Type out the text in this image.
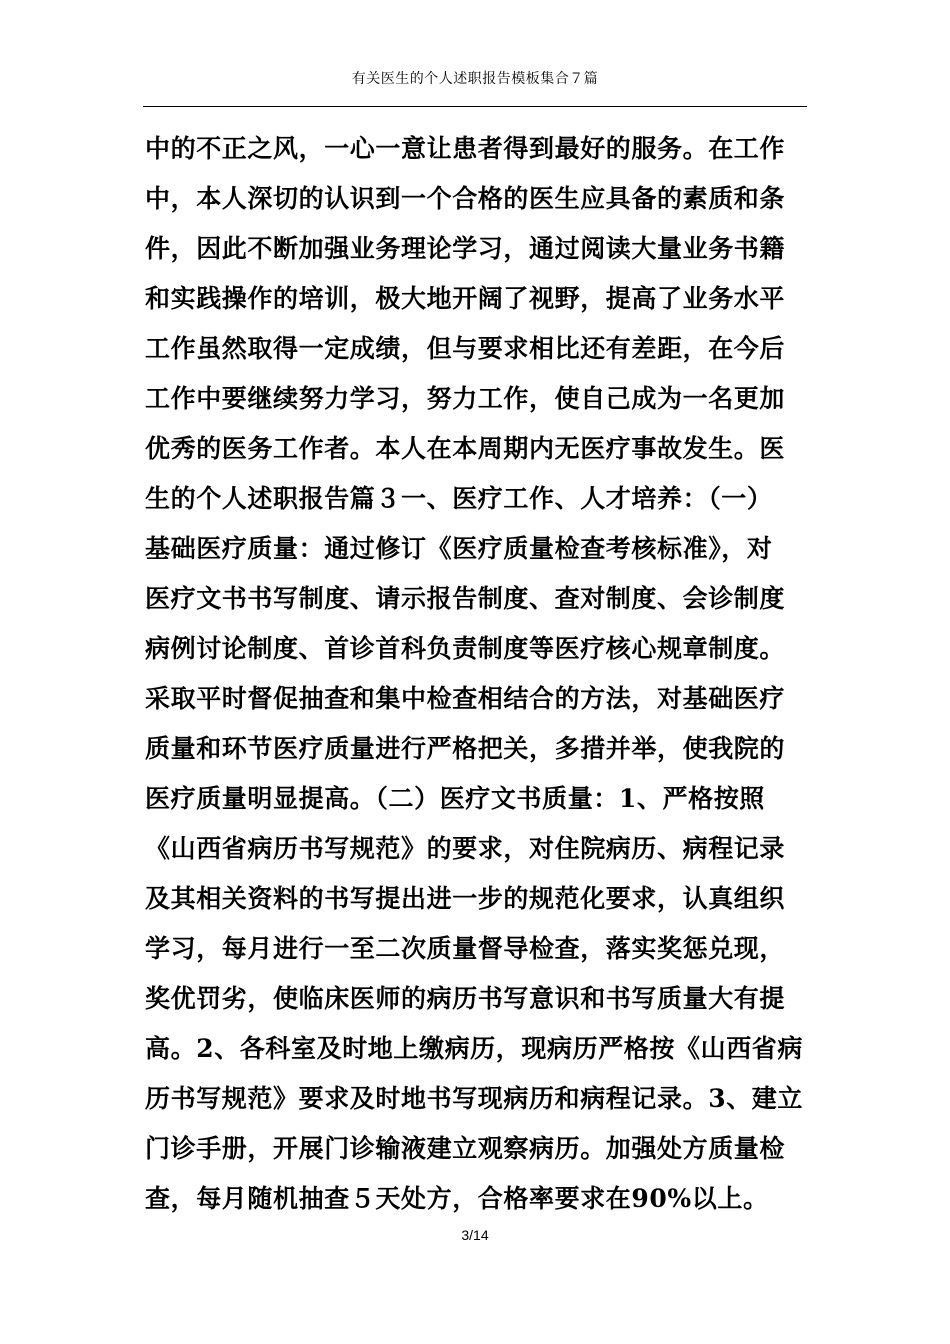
有关医生的个人述职报告模板集合７篇
中的不正之风，一心一意让患者得到最好的服务。在工作
中，本人深切的认识到一个合格的医生应具备的素质和条
件，因此不断加强业务理论学习，通过阅读大量业务书籍
和实践操作的培训，极大地开阔了视野，提高了业务水平
工作虽然取得一定成绩，但与要求相比还有差距，在今后
工作中要继续努力学习，努力工作，使自己成为一名更加
优秀的医务工作者。本人在本周期内无医疗事故发生。医
生的个人述职报告篇３一、医疗工作、人才培养：（一）
基础医疗质量：通过修订《医疗质量检查考核标准》，对
医疗文书书写制度、请示报告制度、查对制度、会诊制度
病例讨论制度、首诊首科负责制度等医疗核心规章制度。
采取平时督促抽查和集中检查相结合的方法，对基础医疗
质量和环节医疗质量进行严格把关，多措并举，使我院的
医疗质量明显提高。（二）医疗文书质量：1、严格按照
《山西省病历书写规范》的要求，对住院病历、病程记录
及其相关资料的书写提出进一步的规范化要求，认真组织
学习，每月进行一至二次质量督导检查，落实奖惩兑现，
奖优罚劣，使临床医师的病历书写意识和书写质量大有提
高。2、各科室及时地上缴病历，现病历严格按《山西省病
历书写规范》要求及时地书写现病历和病程记录。3、建立
门诊手册，开展门诊输液建立观察病历。加强处方质量检
查，每月随机抽查５天处方，合格率要求在90%以上。
3/14
